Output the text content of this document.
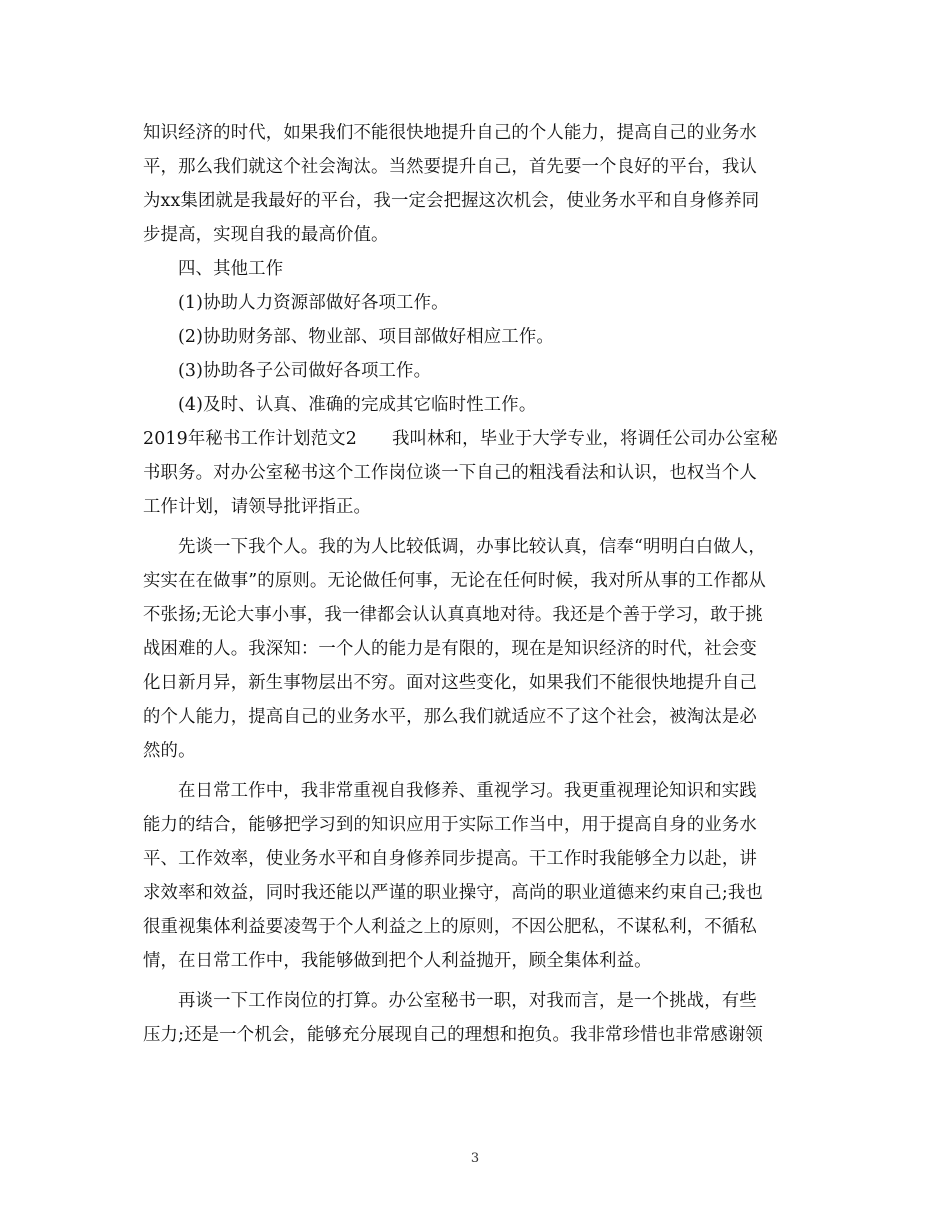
知识经济的时代，如果我们不能很快地提升自己的个人能力，提高自己的业务水
平，那么我们就这个社会淘汰。当然要提升自己，首先要一个良好的平台，我认
为xx集团就是我最好的平台，我一定会把握这次机会，使业务水平和自身修养同
步提高，实现自我的最高价值。
四、其他工作
(1)协助人力资源部做好各项工作。
(2)协助财务部、物业部、项目部做好相应工作。
(3)协助各子公司做好各项工作。
(4)及时、认真、准确的完成其它临时性工作。
2019年秘书工作计划范文2　　我叫林和，毕业于大学专业，将调任公司办公室秘
书职务。对办公室秘书这个工作岗位谈一下自己的粗浅看法和认识，也权当个人
工作计划，请领导批评指正。
先谈一下我个人。我的为人比较低调，办事比较认真，信奉“明明白白做人，
实实在在做事”的原则。无论做任何事，无论在任何时候，我对所从事的工作都从
不张扬;无论大事小事，我一律都会认认真真地对待。我还是个善于学习，敢于挑
战困难的人。我深知：一个人的能力是有限的，现在是知识经济的时代，社会变
化日新月异，新生事物层出不穷。面对这些变化，如果我们不能很快地提升自己
的个人能力，提高自己的业务水平，那么我们就适应不了这个社会，被淘汰是必
然的。
在日常工作中，我非常重视自我修养、重视学习。我更重视理论知识和实践
能力的结合，能够把学习到的知识应用于实际工作当中，用于提高自身的业务水
平、工作效率，使业务水平和自身修养同步提高。干工作时我能够全力以赴，讲
求效率和效益，同时我还能以严谨的职业操守，高尚的职业道德来约束自己;我也
很重视集体利益要凌驾于个人利益之上的原则，不因公肥私，不谋私利，不循私
情，在日常工作中，我能够做到把个人利益抛开，顾全集体利益。
再谈一下工作岗位的打算。办公室秘书一职，对我而言，是一个挑战，有些
压力;还是一个机会，能够充分展现自己的理想和抱负。我非常珍惜也非常感谢领
3
